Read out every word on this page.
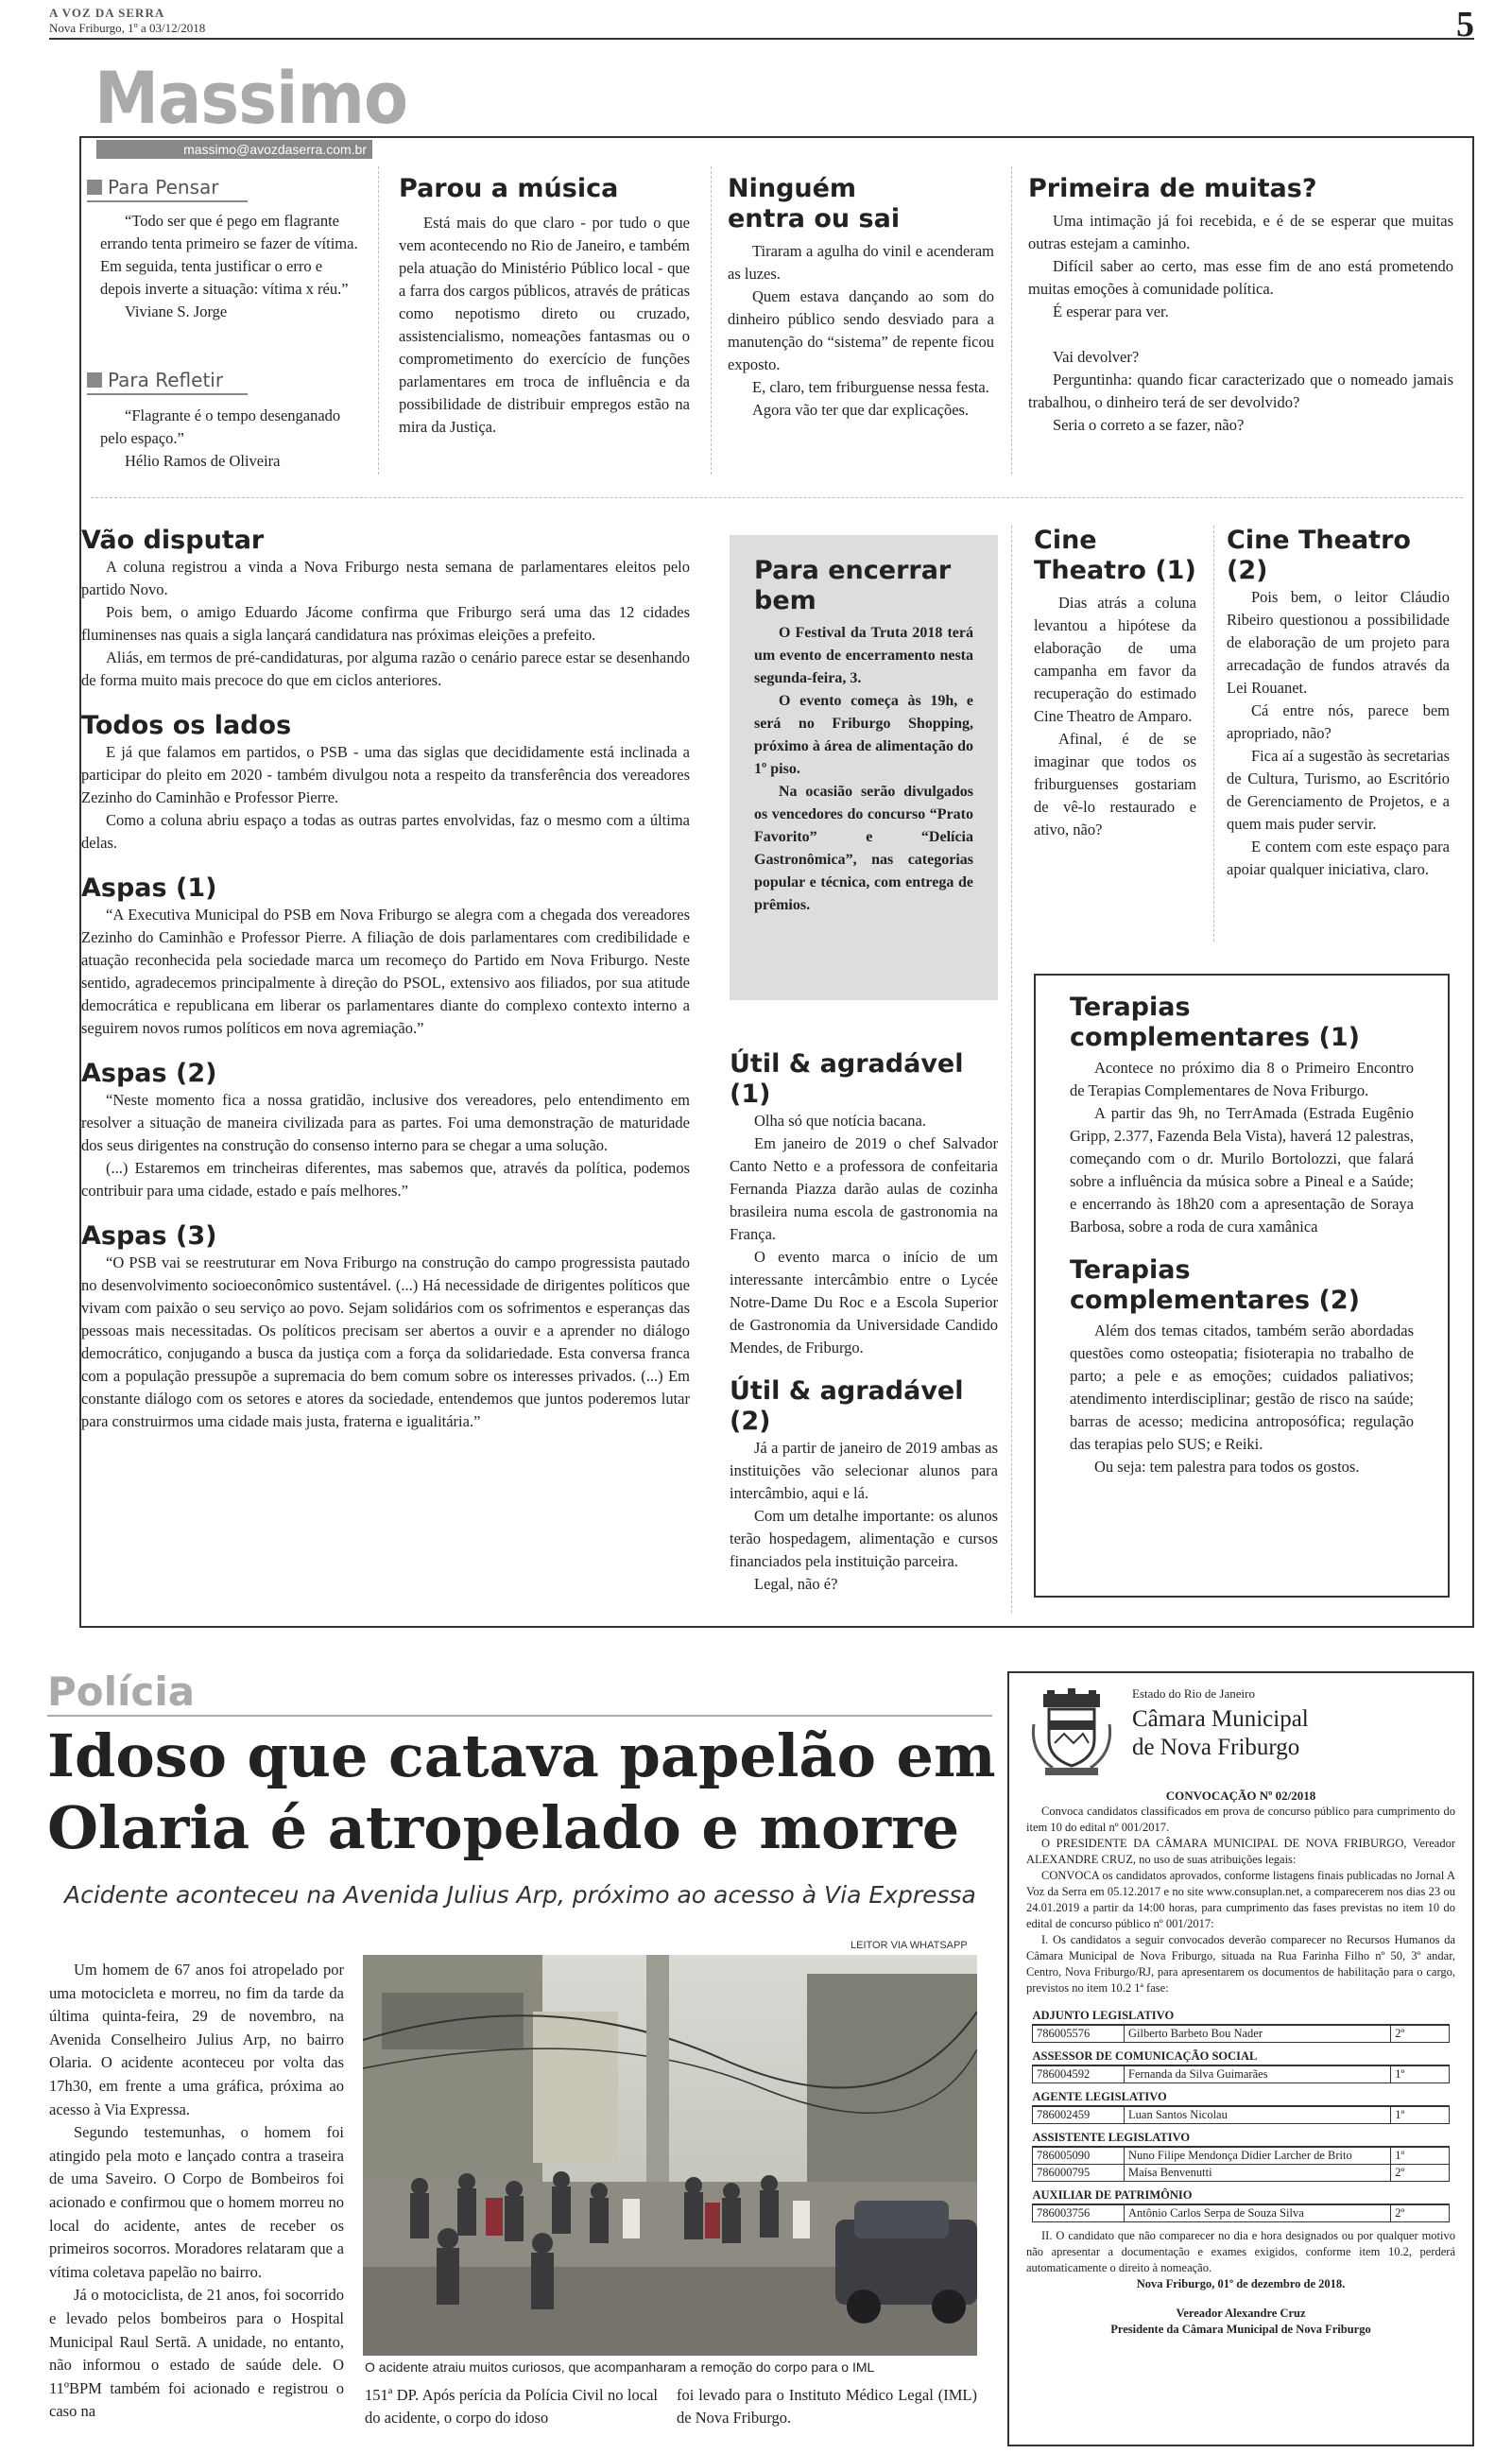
A VOZ DA SERRA
Nova Friburgo, 1º a 03/12/2018	5
Massimo
massimo@avozdaserra.com.br
Para Pensar

“Todo ser que é pego em flagrante errando tenta primeiro se fazer de vítima. Em seguida, tenta justificar o erro e depois inverte a situação: vítima x réu.”

Viviane S. Jorge

Para Refletir

“Flagrante é o tempo desenganado pelo espaço.”

Hélio Ramos de Oliveira

Parou a música

Está mais do que claro - por tudo o que vem acontecendo no Rio de Janeiro, e também pela atuação do Ministério Público local - que a farra dos cargos públicos, através de práticas como nepotismo direto ou cruzado, assistencialismo, nomeações fantasmas ou o comprometimento do exercício de funções parlamentares em troca de influência e da possibilidade de distribuir empregos estão na mira da Justiça.

Ninguém entra ou sai

Tiraram a agulha do vinil e acenderam as luzes.

Quem estava dançando ao som do dinheiro público sendo desviado para a manutenção do “sistema” de repente ficou exposto.

E, claro, tem friburguense nessa festa.

Agora vão ter que dar explicações.

Primeira de muitas?

Uma intimação já foi recebida, e é de se esperar que muitas outras estejam a caminho.

Difícil saber ao certo, mas esse fim de ano está prometendo muitas emoções à comunidade política.

É esperar para ver.

Vai devolver?

Perguntinha: quando ficar caracterizado que o nomeado jamais trabalhou, o dinheiro terá de ser devolvido?

Seria o correto a se fazer, não?

Vão disputar

A coluna registrou a vinda a Nova Friburgo nesta semana de parlamentares eleitos pelo partido Novo.

Pois bem, o amigo Eduardo Jácome confirma que Friburgo será uma das 12 cidades fluminenses nas quais a sigla lançará candidatura nas próximas eleições a prefeito.

Aliás, em termos de pré-candidaturas, por alguma razão o cenário parece estar se desenhando de forma muito mais precoce do que em ciclos anteriores.

Todos os lados

E já que falamos em partidos, o PSB - uma das siglas que decididamente está inclinada a participar do pleito em 2020 - também divulgou nota a respeito da transferência dos vereadores Zezinho do Caminhão e Professor Pierre.

Como a coluna abriu espaço a todas as outras partes envolvidas, faz o mesmo com a última delas.

Aspas (1)

“A Executiva Municipal do PSB em Nova Friburgo se alegra com a chegada dos vereadores Zezinho do Caminhão e Professor Pierre. A filiação de dois parlamentares com credibilidade e atuação reconhecida pela sociedade marca um recomeço do Partido em Nova Friburgo. Neste sentido, agradecemos principalmente à direção do PSOL, extensivo aos filiados, por sua atitude democrática e republicana em liberar os parlamentares diante do complexo contexto interno a seguirem novos rumos políticos em nova agremiação.”

Aspas (2)

“Neste momento fica a nossa gratidão, inclusive dos vereadores, pelo entendimento em resolver a situação de maneira civilizada para as partes. Foi uma demonstração de maturidade dos seus dirigentes na construção do consenso interno para se chegar a uma solução.

(...) Estaremos em trincheiras diferentes, mas sabemos que, através da política, podemos contribuir para uma cidade, estado e país melhores.”

Aspas (3)

“O PSB vai se reestruturar em Nova Friburgo na construção do campo progressista pautado no desenvolvimento socioeconômico sustentável. (...) Há necessidade de dirigentes políticos que vivam com paixão o seu serviço ao povo. Sejam solidários com os sofrimentos e esperanças das pessoas mais necessitadas. Os políticos precisam ser abertos a ouvir e a aprender no diálogo democrático, conjugando a busca da justiça com a força da solidariedade. Esta conversa franca com a população pressupõe a supremacia do bem comum sobre os interesses privados. (...) Em constante diálogo com os setores e atores da sociedade, entendemos que juntos poderemos lutar para construirmos uma cidade mais justa, fraterna e igualitária.”

Para encerrar bem

O Festival da Truta 2018 terá um evento de encerramento nesta segunda-feira, 3.

O evento começa às 19h, e será no Friburgo Shopping, próximo à área de alimentação do 1º piso.

Na ocasião serão divulgados os vencedores do concurso “Prato Favorito” e “Delícia Gastronômica”, nas categorias popular e técnica, com entrega de prêmios.

Útil & agradável (1)

Olha só que notícia bacana.

Em janeiro de 2019 o chef Salvador Canto Netto e a professora de confeitaria Fernanda Piazza darão aulas de cozinha brasileira numa escola de gastronomia na França.

O evento marca o início de um interessante intercâmbio entre o Lycée Notre-Dame Du Roc e a Escola Superior de Gastronomia da Universidade Candido Mendes, de Friburgo.

Útil & agradável (2)

Já a partir de janeiro de 2019 ambas as instituições vão selecionar alunos para intercâmbio, aqui e lá.

Com um detalhe importante: os alunos terão hospedagem, alimentação e cursos financiados pela instituição parceira.

Legal, não é?

Cine Theatro (1)

Dias atrás a coluna levantou a hipótese da elaboração de uma campanha em favor da recuperação do estimado Cine Theatro de Amparo.

Afinal, é de se imaginar que todos os friburguenses gostariam de vê-lo restaurado e ativo, não?

Cine Theatro (2)

Pois bem, o leitor Cláudio Ribeiro questionou a possibilidade de elaboração de um projeto para arrecadação de fundos através da Lei Rouanet.

Cá entre nós, parece bem apropriado, não?

Fica aí a sugestão às secretarias de Cultura, Turismo, ao Escritório de Gerenciamento de Projetos, e a quem mais puder servir.

E contem com este espaço para apoiar qualquer iniciativa, claro.

Terapias complementares (1)

Acontece no próximo dia 8 o Primeiro Encontro de Terapias Complementares de Nova Friburgo.

A partir das 9h, no TerrAmada (Estrada Eugênio Gripp, 2.377, Fazenda Bela Vista), haverá 12 palestras, começando com o dr. Murilo Bortolozzi, que falará sobre a influência da música sobre a Pineal e a Saúde; e encerrando às 18h20 com a apresentação de Soraya Barbosa, sobre a roda de cura xamânica

Terapias complementares (2)

Além dos temas citados, também serão abordadas questões como osteopatia; fisioterapia no trabalho de parto; a pele e as emoções; cuidados paliativos; atendimento interdisciplinar; gestão de risco na saúde; barras de acesso; medicina antroposófica; regulação das terapias pelo SUS; e Reiki.

Ou seja: tem palestra para todos os gostos.

Polícia
Idoso que catava papelão em Olaria é atropelado e morre
Acidente aconteceu na Avenida Julius Arp, próximo ao acesso à Via Expressa

Um homem de 67 anos foi atropelado por uma motocicleta e morreu, no fim da tarde da última quinta-feira, 29 de novembro, na Avenida Conselheiro Julius Arp, no bairro Olaria. O acidente aconteceu por volta das 17h30, em frente a uma gráfica, próxima ao acesso à Via Expressa.

Segundo testemunhas, o homem foi atingido pela moto e lançado contra a traseira de uma Saveiro. O Corpo de Bombeiros foi acionado e confirmou que o homem morreu no local do acidente, antes de receber os primeiros socorros. Moradores relataram que a vítima coletava papelão no bairro.

Já o motociclista, de 21 anos, foi socorrido e levado pelos bombeiros para o Hospital Municipal Raul Sertã. A unidade, no entanto, não informou o estado de saúde dele. O 11ºBPM também foi acionado e registrou o caso na

LEITOR VIA WHATSAPP
O acidente atraiu muitos curiosos, que acompanharam a remoção do corpo para o IML

151ª DP. Após perícia da Polícia Civil no local do acidente, o corpo do idoso

foi levado para o Instituto Médico Legal (IML) de Nova Friburgo.

Estado do Rio de Janeiro
Câmara Municipal
de Nova Friburgo
CONVOCAÇÃO Nº 02/2018

Convoca candidatos classificados em prova de concurso público para cumprimento do item 10 do edital nº 001/2017.

O PRESIDENTE DA CÂMARA MUNICIPAL DE NOVA FRIBURGO, Vereador ALEXANDRE CRUZ, no uso de suas atribuições legais:

CONVOCA os candidatos aprovados, conforme listagens finais publicadas no Jornal A Voz da Serra em 05.12.2017 e no site www.consuplan.net, a comparecerem nos dias 23 ou 24.01.2019 a partir da 14:00 horas, para cumprimento das fases previstas no item 10 do edital de concurso público nº 001/2017:

I. Os candidatos a seguir convocados deverão comparecer no Recursos Humanos da Câmara Municipal de Nova Friburgo, situada na Rua Farinha Filho nº 50, 3º andar, Centro, Nova Friburgo/RJ, para apresentarem os documentos de habilitação para o cargo, previstos no item 10.2 1ª fase:

ADJUNTO LEGISLATIVO
786005576	Gilberto Barbeto Bou Nader	2º
ASSESSOR DE COMUNICAÇÃO SOCIAL
786004592	Fernanda da Silva Guimarães	1º
AGENTE LEGISLATIVO
786002459	Luan Santos Nicolau	1º
ASSISTENTE LEGISLATIVO		
786005090	Nuno Filipe Mendonça Didier Larcher de Brito	1º
786000795	Maísa Benvenutti	2º
AUXILIAR DE PATRIMÔNIO
786003756	Antônio Carlos Serpa de Souza Silva	2º

II. O candidato que não comparecer no dia e hora designados ou por qualquer motivo não apresentar a documentação e exames exigidos, conforme item 10.2, perderá automaticamente o direito à nomeação.

Nova Friburgo, 01º de dezembro de 2018.

Vereador Alexandre Cruz

Presidente da Câmara Municipal de Nova Friburgo
